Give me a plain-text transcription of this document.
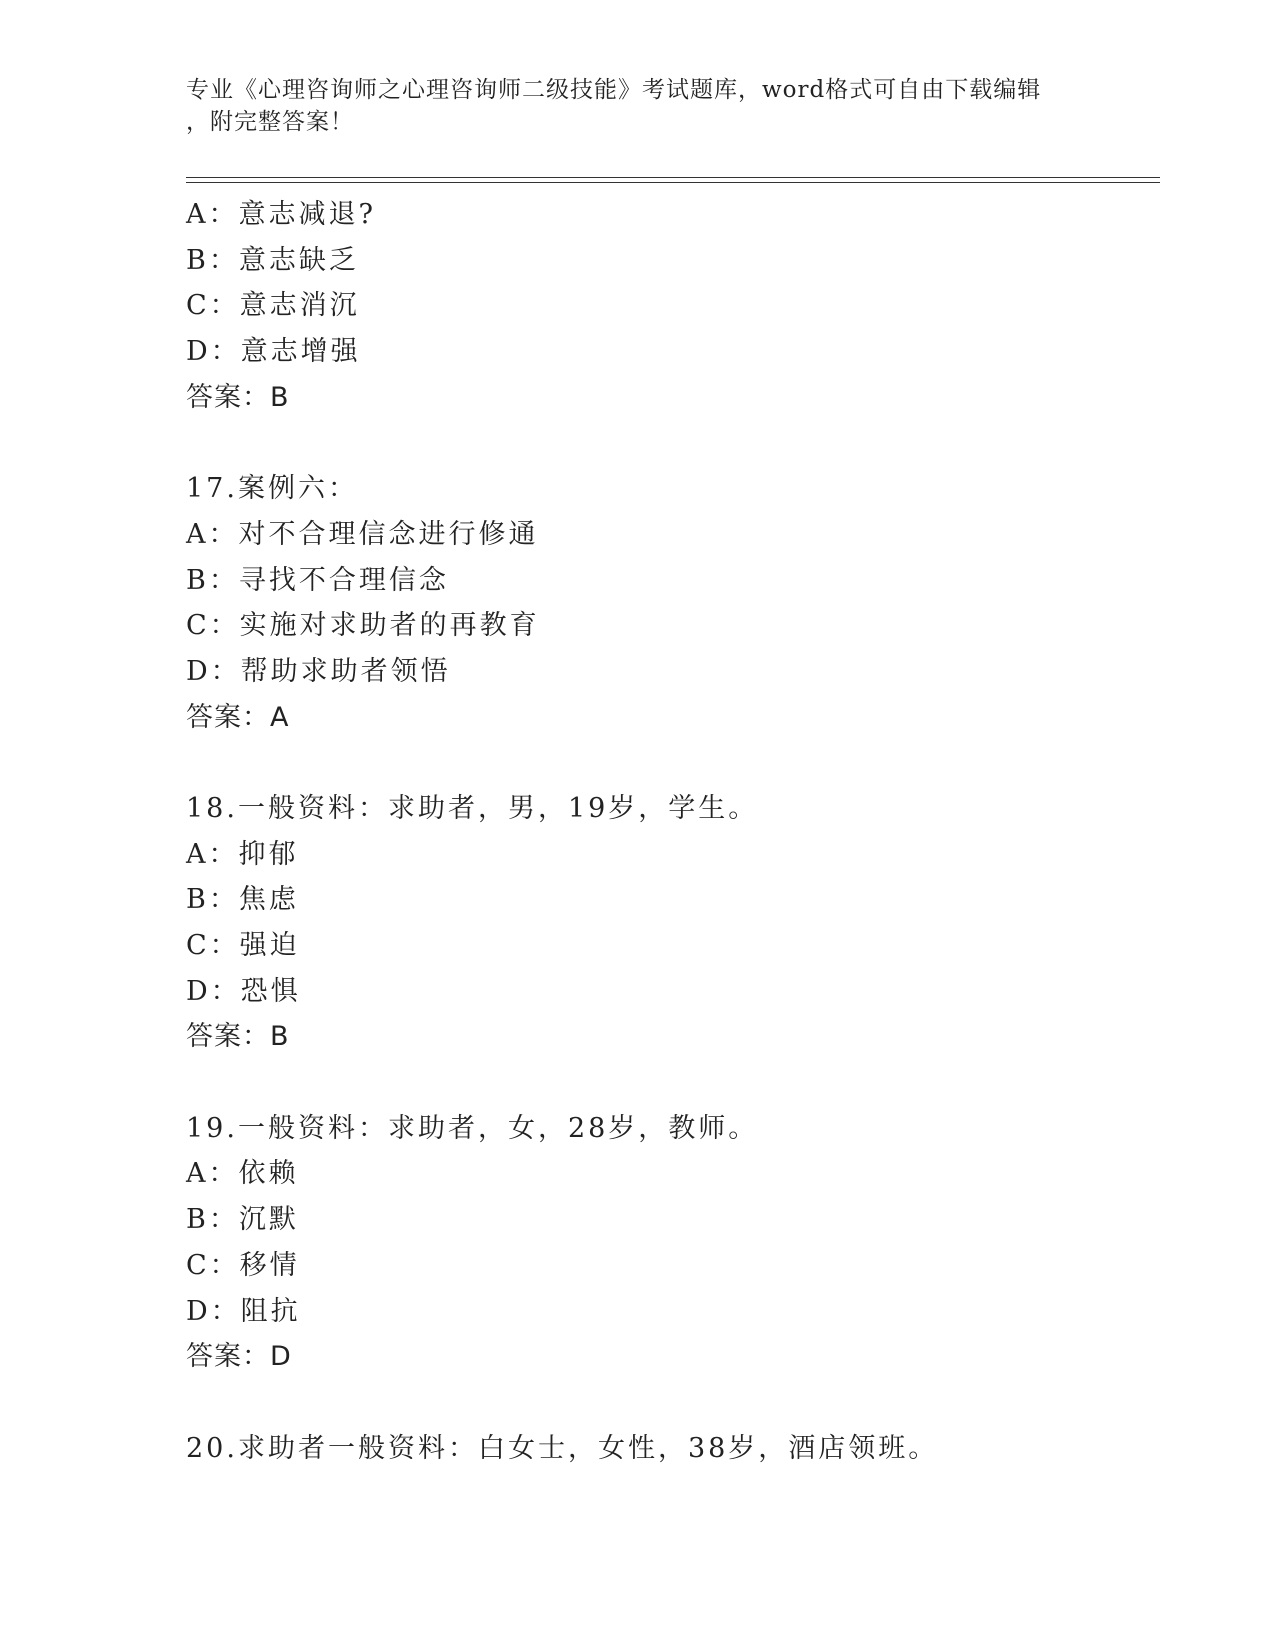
专业《心理咨询师之心理咨询师二级技能》考试题库，word格式可自由下载编辑
，附完整答案！
A：意志减退?
B：意志缺乏
C：意志消沉
D：意志增强
答案：B
17.案例六：
A：对不合理信念进行修通
B：寻找不合理信念
C：实施对求助者的再教育
D：帮助求助者领悟
答案：A
18.一般资料：求助者，男，19岁，学生。
A：抑郁
B：焦虑
C：强迫
D：恐惧
答案：B
19.一般资料：求助者，女，28岁，教师。
A：依赖
B：沉默
C：移情
D：阻抗
答案：D
20.求助者一般资料：白女士，女性，38岁，酒店领班。
